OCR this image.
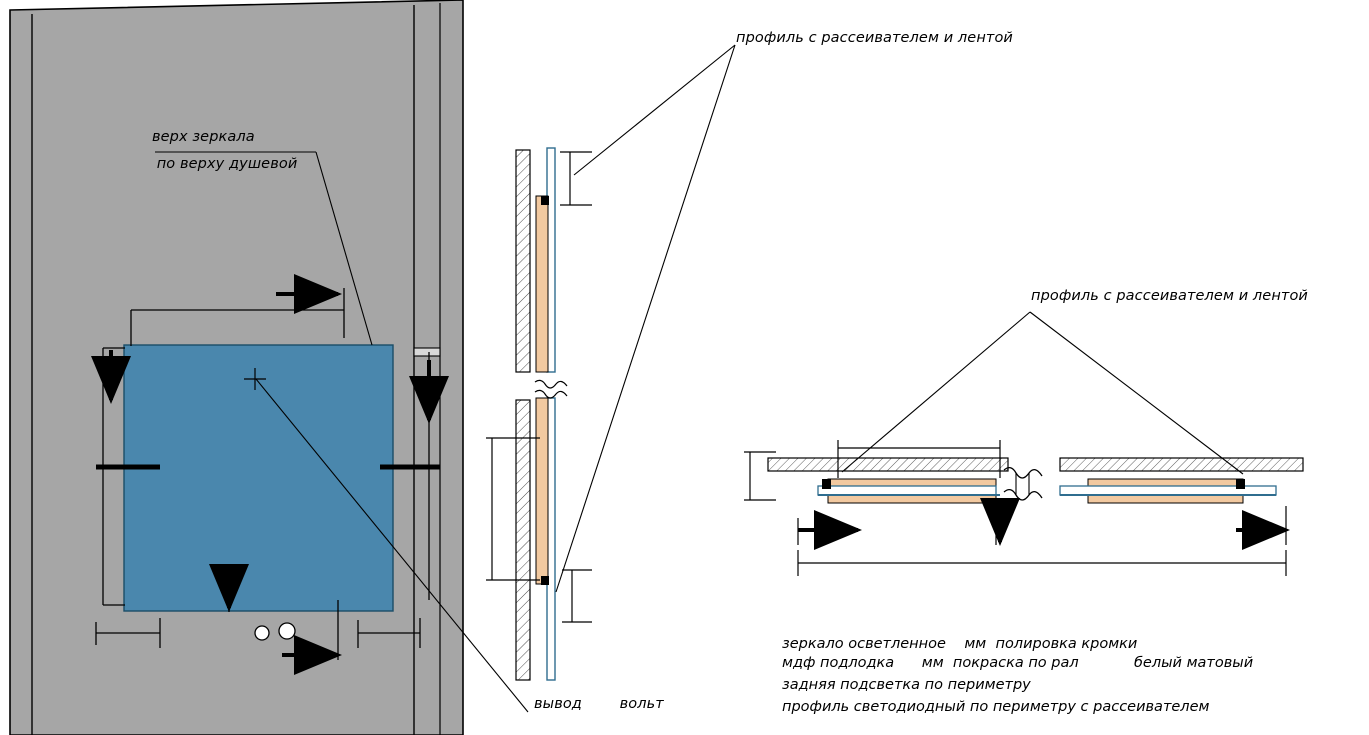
профиль с рассеивателем и лентой
профиль с рассеивателем и лентой
верх зеркала
по верху душевой
вывод        вольт
зеркало осветленное    мм  полировка кромки
мдф подлодка      мм  покраска по рал            белый матовый
задняя подсветка по периметру
профиль светодиодный по периметру с рассеивателем
